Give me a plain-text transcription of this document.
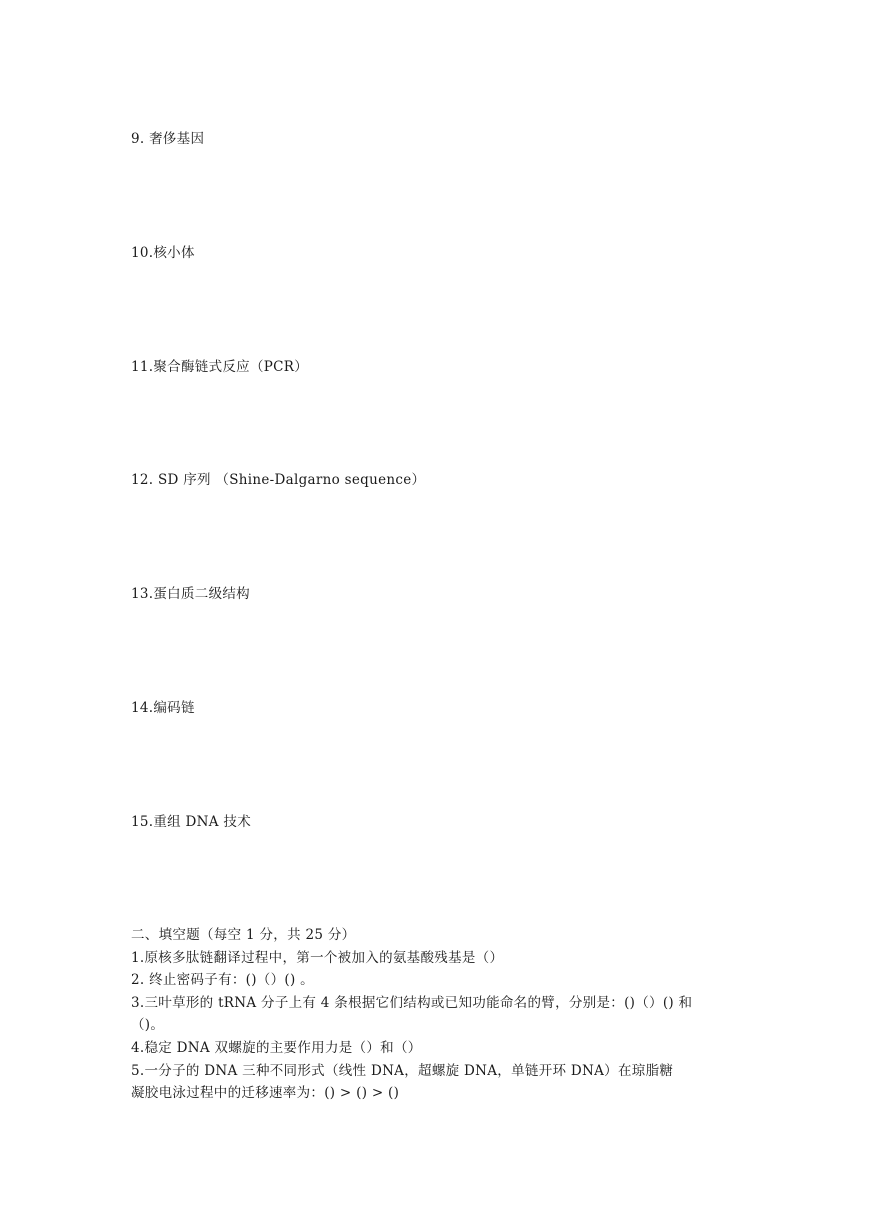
9. 奢侈基因
10.核小体
11.聚合酶链式反应（PCR）
12. SD 序列 （Shine-Dalgarno sequence）
13.蛋白质二级结构
14.编码链
15.重组 DNA 技术
二、填空题（每空 1 分，共 25 分）
1.原核多肽链翻译过程中，第一个被加入的氨基酸残基是（）
2. 终止密码子有：()（）() 。
3.三叶草形的 tRNA 分子上有 4 条根据它们结构或已知功能命名的臂，分别是：()（）() 和
（)。
4.稳定 DNA 双螺旋的主要作用力是（）和（）
5.一分子的 DNA 三种不同形式（线性 DNA，超螺旋 DNA，单链开环 DNA）在琼脂糖
凝胶电泳过程中的迁移速率为：() > () > ()
